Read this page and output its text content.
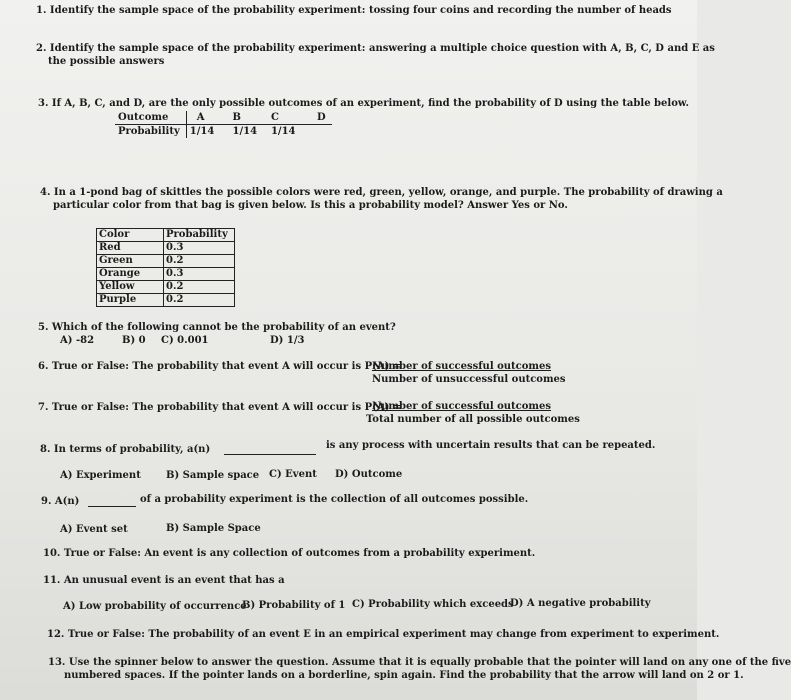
1. Identify the sample space of the probability experiment: tossing four coins and recording the number of heads
2. Identify the sample space of the probability experiment: answering a multiple choice question with A, B, C, D and E as
the possible answers
3. If A, B, C, and D, are the only possible outcomes of an experiment, find the probability of D using the table below.
Outcome	A	B	C	D
Probability	1/14	1/14	1/14	
4. In a 1-pond bag of skittles the possible colors were red, green, yellow, orange, and purple. The probability of drawing a
particular color from that bag is given below. Is this a probability model? Answer Yes or No.
Color	Probability
Red	0.3
Green	0.2
Orange	0.3
Yellow	0.2
Purple	0.2
5. Which of the following cannot be the probability of an event?
A) -82	B) 0 C) 0.001	D) 1/3
6. True or False: The probability that event A will occur is P(A) =
Number of successful outcomes
Number of unsuccessful outcomes
7. True or False: The probability that event A will occur is P(A) =
Number of successful outcomes
Total number of all possible outcomes
8. In terms of probability, a(n)	is any process with uncertain results that can be repeated.
A) Experiment	B) Sample space C) Event D) Outcome
9. A(n)	of a probability experiment is the collection of all outcomes possible.
A) Event set	B) Sample Space
10. True or False: An event is any collection of outcomes from a probability experiment.
11. An unusual event is an event that has a
A) Low probability of occurrence
B) Probability of 1 C) Probability which exceeds
D) A negative probability
12. True or False: The probability of an event E in an empirical experiment may change from experiment to experiment.
13. Use the spinner below to answer the question. Assume that it is equally probable that the pointer will land on any one of the five
numbered spaces. If the pointer lands on a borderline, spin again. Find the probability that the arrow will land on 2 or 1.
